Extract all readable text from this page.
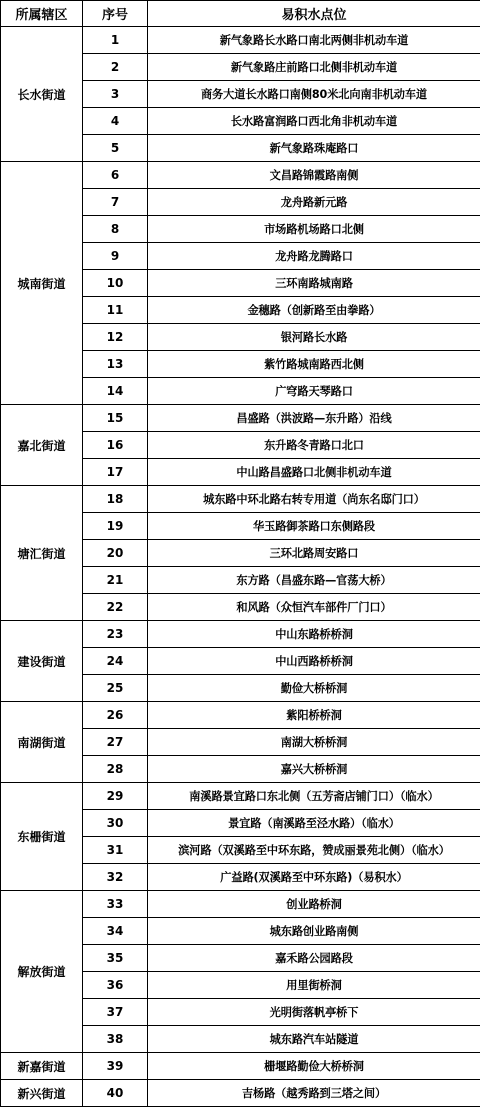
所属辖区	序号	易积水点位
长水街道	1	新气象路长水路口南北两侧非机动车道
	2	新气象路庄前路口北侧非机动车道
	3	商务大道长水路口南侧80米北向南非机动车道
	4	长水路富润路口西北角非机动车道
	5	新气象路珠庵路口
城南街道	6	文昌路锦霞路南侧
	7	龙舟路新元路
	8	市场路机场路口北侧
	9	龙舟路龙腾路口
	10	三环南路城南路
	11	金穗路（创新路至由拳路）
	12	银河路长水路
	13	紫竹路城南路西北侧
	14	广穹路天琴路口
嘉北街道	15	昌盛路（洪波路—东升路）沿线
	16	东升路冬青路口北口
	17	中山路昌盛路口北侧非机动车道
塘汇街道	18	城东路中环北路右转专用道（尚东名邸门口）
	19	华玉路御茶路口东侧路段
	20	三环北路周安路口
	21	东方路（昌盛东路—官荡大桥）
	22	和风路（众恒汽车部件厂门口）
建设街道	23	中山东路桥桥洞
	24	中山西路桥桥洞
	25	勤俭大桥桥洞
南湖街道	26	紫阳桥桥洞
	27	南湖大桥桥洞
	28	嘉兴大桥桥洞
东栅街道	29	南溪路景宜路口东北侧（五芳斋店铺门口）（临水）
	30	景宜路（南溪路至泾水路）（临水）
	31	滨河路（双溪路至中环东路，赞成丽景苑北侧）（临水）
	32	广益路(双溪路至中环东路)（易积水）
解放街道	33	创业路桥洞
	34	城东路创业路南侧
	35	嘉禾路公园路段
	36	用里街桥洞
	37	光明街落帆亭桥下
	38	城东路汽车站隧道
新嘉街道	39	栅堰路勤俭大桥桥洞
新兴街道	40	吉杨路（越秀路到三塔之间）
